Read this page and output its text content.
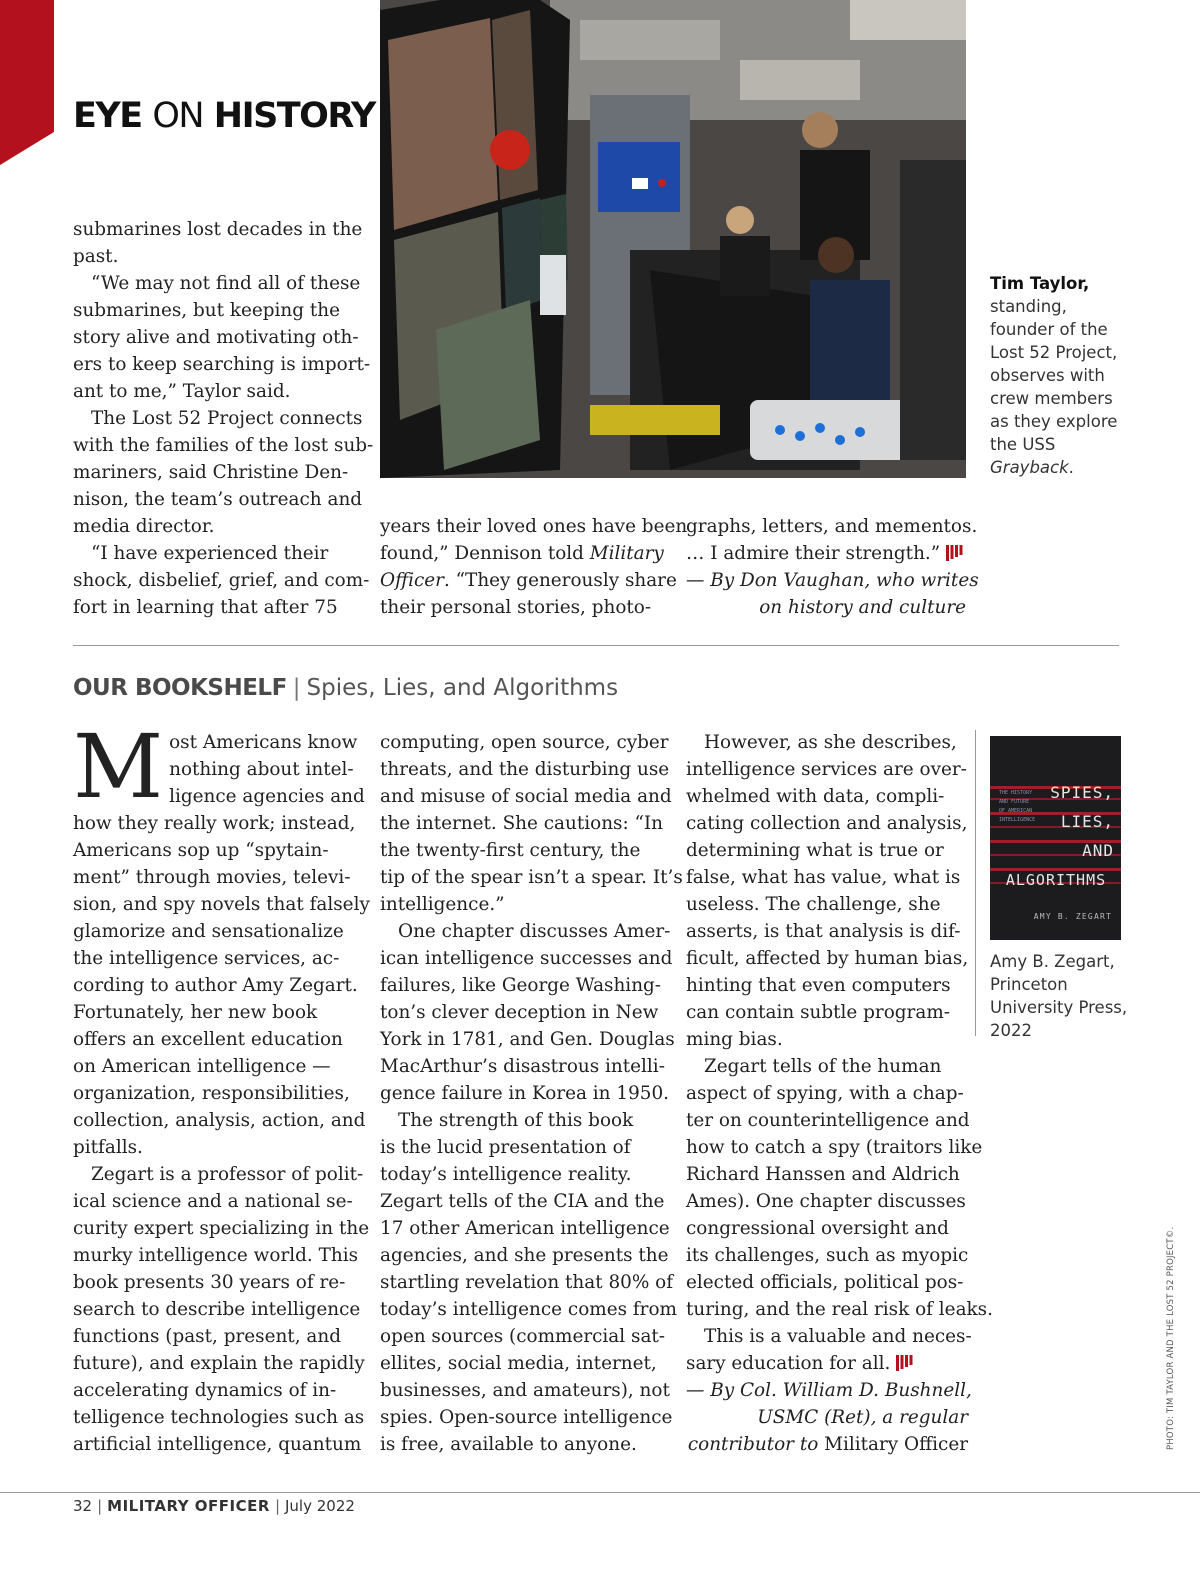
EYE ON HISTORY
submarines lost decades in the
past.
“We may not find all of these
submarines, but keeping the
story alive and motivating oth-
ers to keep searching is import-
ant to me,” Taylor said.
The Lost 52 Project connects
with the families of the lost sub-
mariners, said Christine Den-
nison, the team’s outreach and
media director.
“I have experienced their
shock, disbelief, grief, and com-
fort in learning that after 75
Tim Taylor,
standing,
founder of the
Lost 52 Project,
observes with
crew members
as they explore
the USS
Grayback.
years their loved ones have been
found,” Dennison told Military
Officer. “They generously share
their personal stories, photo-
graphs, letters, and mementos.
… I admire their strength.”
— By Don Vaughan, who writes
on history and culture
OUR BOOKSHELF | Spies, Lies, and Algorithms
M ost Americans know
nothing about intel-
ligence agencies and
how they really work; instead,
Americans sop up “spytain-
ment” through movies, televi-
sion, and spy novels that falsely
glamorize and sensationalize
the intelligence services, ac-
cording to author Amy Zegart.
Fortunately, her new book
offers an excellent education
on American intelligence —
organization, responsibilities,
collection, analysis, action, and
pitfalls.
Zegart is a professor of polit-
ical science and a national se-
curity expert specializing in the
murky intelligence world. This
book presents 30 years of re-
search to describe intelligence
functions (past, present, and
future), and explain the rapidly
accelerating dynamics of in-
telligence technologies such as
artificial intelligence, quantum
computing, open source, cyber
threats, and the disturbing use
and misuse of social media and
the internet. She cautions: “In
the twenty-first century, the
tip of the spear isn’t a spear. It’s
intelligence.”
One chapter discusses Amer-
ican intelligence successes and
failures, like George Washing-
ton’s clever deception in New
York in 1781, and Gen. Douglas
MacArthur’s disastrous intelli-
gence failure in Korea in 1950.
The strength of this book
is the lucid presentation of
today’s intelligence reality.
Zegart tells of the CIA and the
17 other American intelligence
agencies, and she presents the
startling revelation that 80% of
today’s intelligence comes from
open sources (commercial sat-
ellites, social media, internet,
businesses, and amateurs), not
spies. Open-source intelligence
is free, available to anyone.
However, as she describes,
intelligence services are over-
whelmed with data, compli-
cating collection and analysis,
determining what is true or
false, what has value, what is
useless. The challenge, she
asserts, is that analysis is dif-
ficult, affected by human bias,
hinting that even computers
can contain subtle program-
ming bias.
Zegart tells of the human
aspect of spying, with a chap-
ter on counterintelligence and
how to catch a spy (traitors like
Richard Hanssen and Aldrich
Ames). One chapter discusses
congressional oversight and
its challenges, such as myopic
elected officials, political pos-
turing, and the real risk of leaks.
This is a valuable and neces-
sary education for all.
— By Col. William D. Bushnell,
USMC (Ret), a regular
contributor to Military Officer
THE HISTORY
AND FUTURE
OF AMERICAN
INTELLIGENCE
SPIES,
LIES,
AND
ALGORITHMS
AMY B. ZEGART
Amy B. Zegart,
Princeton
University Press,
2022
PHOTO: TIM TAYLOR AND THE LOST 52 PROJECT©.
32 | MILITARY OFFICER | July 2022
